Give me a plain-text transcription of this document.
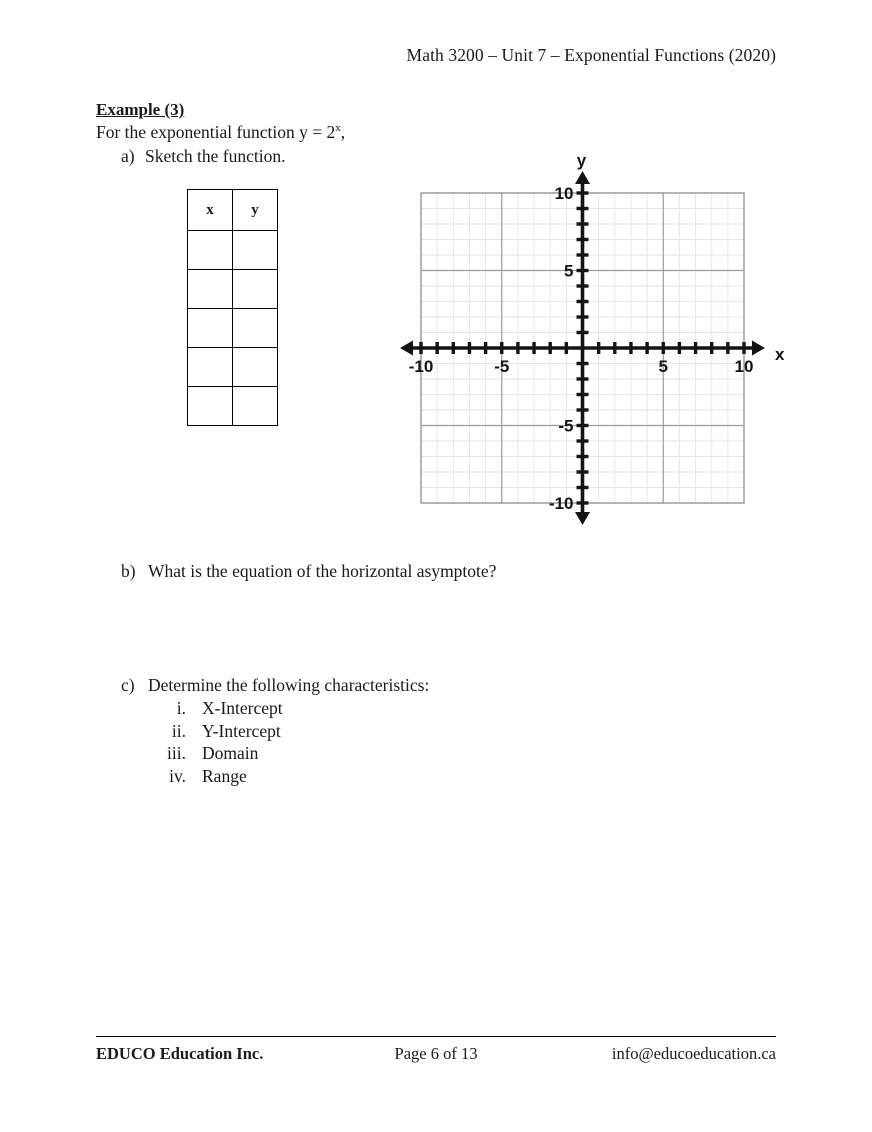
Math 3200 – Unit 7 – Exponential Functions (2020)
Example (3)
For the exponential function $y = 2^x$,
a) Sketch the function.
x	y

-10	-5	5	10
10
5
-5
-10
x
y
b) What is the equation of the horizontal asymptote?
c) Determine the following characteristics:
i. X-Intercept
ii. Y-Intercept
iii. Domain
iv. Range
EDUCO Education Inc.	Page 6 of 13	info@educoeducation.ca
